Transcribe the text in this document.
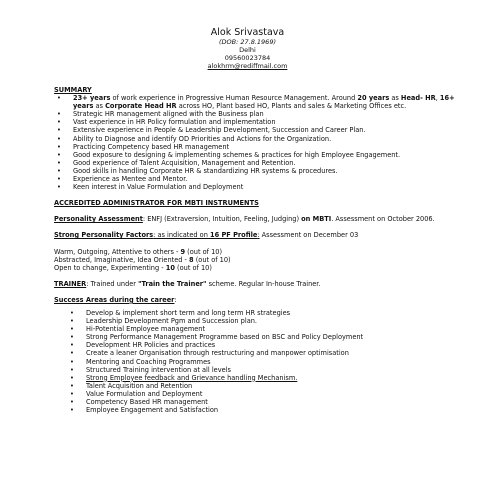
Alok Srivastava
(DOB: 27.8.1969)
Delhi
09560023784
alokhrm@rediffmail.com
SUMMARY
• 23+ years of work experience in Progressive Human Resource Management. Around 20 years as Head- HR, 16+ years as Corporate Head HR across HO, Plant based HO, Plants and sales & Marketing Offices etc.
• Strategic HR management aligned with the Business plan
• Vast experience in HR Policy formulation and implementation
• Extensive experience in People & Leadership Development, Succession and Career Plan.
• Ability to Diagnose and identify OD Priorities and Actions for the Organization.
• Practicing Competency based HR management
• Good exposure to designing & implementing schemes & practices for high Employee Engagement.
• Good experience of Talent Acquisition, Management and Retention.
• Good skills in handling Corporate HR & standardizing HR systems & procedures.
• Experience as Mentee and Mentor.
• Keen interest in Value Formulation and Deployment
ACCREDITED ADMINISTRATOR FOR MBTI INSTRUMENTS
Personality Assessment: ENFJ (Extraversion, Intuition, Feeling, Judging) on MBTI. Assessment on October 2006.
Strong Personality Factors: as indicated on 16 PF Profile: Assessment on December 03
Warm, Outgoing, Attentive to others - 9 (out of 10)
Abstracted, Imaginative, Idea Oriented - 8 (out of 10)
Open to change, Experimenting - 10 (out of 10)
TRAINER: Trained under "Train the Trainer" scheme. Regular In-house Trainer.
Success Areas during the career:
• Develop & implement short term and long term HR strategies
• Leadership Development Pgm and Succession plan.
• Hi-Potential Employee management
• Strong Performance Management Programme based on BSC and Policy Deployment
• Development HR Policies and practices
• Create a leaner Organisation through restructuring and manpower optimisation
• Mentoring and Coaching Programmes
• Structured Training intervention at all levels
• Strong Employee feedback and Grievance handling Mechanism.
• Talent Acquisition and Retention
• Value Formulation and Deployment
• Competency Based HR management
• Employee Engagement and Satisfaction
